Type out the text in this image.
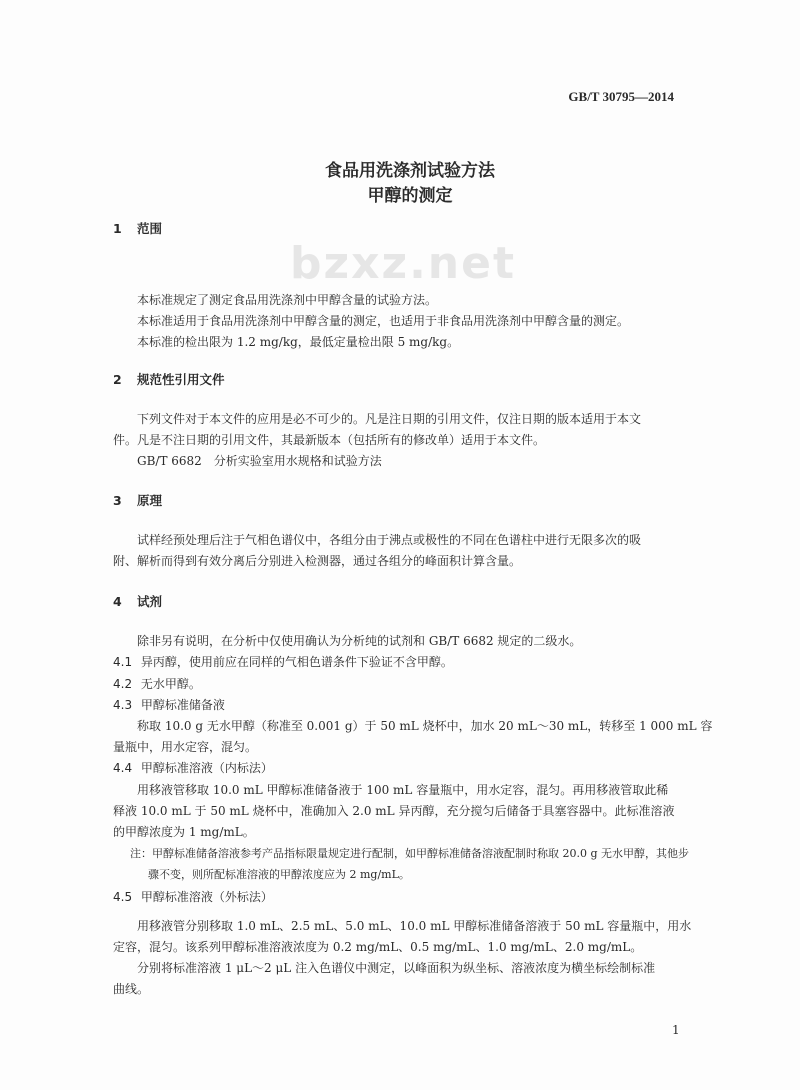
GB/T 30795—2014
食品用洗涤剂试验方法
甲醇的测定
1 范围
bzxz.net
本标准规定了测定食品用洗涤剂中甲醇含量的试验方法。
本标准适用于食品用洗涤剂中甲醇含量的测定，也适用于非食品用洗涤剂中甲醇含量的测定。
本标准的检出限为 1.2 mg/kg，最低定量检出限 5 mg/kg。
2 规范性引用文件
下列文件对于本文件的应用是必不可少的。凡是注日期的引用文件，仅注日期的版本适用于本文
件。凡是不注日期的引用文件，其最新版本（包括所有的修改单）适用于本文件。
GB/T 6682　分析实验室用水规格和试验方法
3 原理
试样经预处理后注于气相色谱仪中，各组分由于沸点或极性的不同在色谱柱中进行无限多次的吸
附、解析而得到有效分离后分别进入检测器，通过各组分的峰面积计算含量。
4 试剂
除非另有说明，在分析中仅使用确认为分析纯的试剂和 GB/T 6682 规定的二级水。
4.1 异丙醇，使用前应在同样的气相色谱条件下验证不含甲醇。
4.2 无水甲醇。
4.3 甲醇标准储备液
称取 10.0 g 无水甲醇（称准至 0.001 g）于 50 mL 烧杯中，加水 20 mL～30 mL，转移至 1 000 mL 容
量瓶中，用水定容，混匀。
4.4 甲醇标准溶液（内标法）
用移液管移取 10.0 mL 甲醇标准储备液于 100 mL 容量瓶中，用水定容，混匀。再用移液管取此稀
释液 10.0 mL 于 50 mL 烧杯中，准确加入 2.0 mL 异丙醇，充分搅匀后储备于具塞容器中。此标准溶液
的甲醇浓度为 1 mg/mL。
注：甲醇标准储备溶液参考产品指标限量规定进行配制，如甲醇标准储备溶液配制时称取 20.0 g 无水甲醇，其他步
骤不变，则所配标准溶液的甲醇浓度应为 2 mg/mL。
4.5 甲醇标准溶液（外标法）
用移液管分别移取 1.0 mL、2.5 mL、5.0 mL、10.0 mL 甲醇标准储备溶液于 50 mL 容量瓶中，用水
定容，混匀。该系列甲醇标准溶液浓度为 0.2 mg/mL、0.5 mg/mL、1.0 mg/mL、2.0 mg/mL。
分别将标准溶液 1 μL～2 μL 注入色谱仪中测定，以峰面积为纵坐标、溶液浓度为横坐标绘制标准
曲线。
1
